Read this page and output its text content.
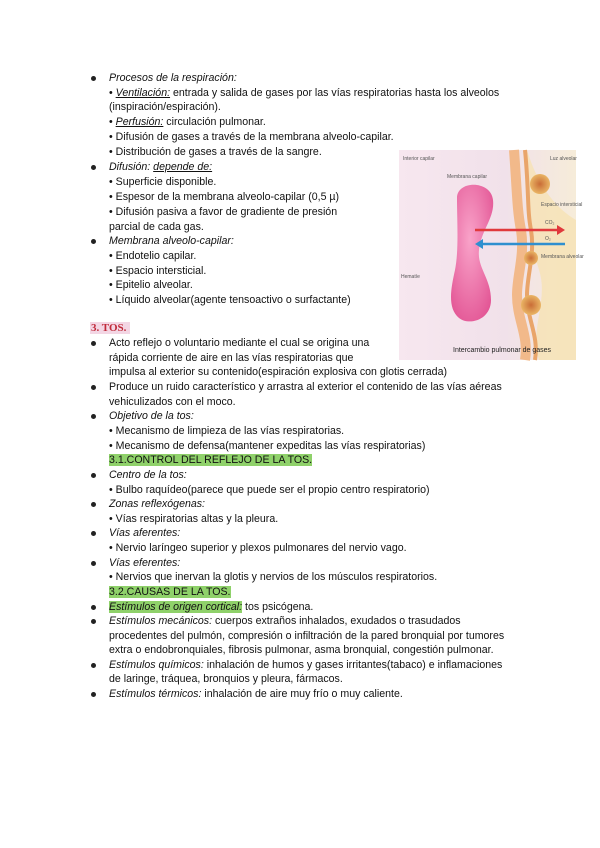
Procesos de la respiración:
• Ventilación: entrada y salida de gases por las vías respiratorias hasta los alveolos
(inspiración/espiración).
• Perfusión: circulación pulmonar.
• Difusión de gases a través de la membrana alveolo-capilar.
• Distribución de gases a través de la sangre.
Difusión: depende de:
• Superficie disponible.
• Espesor de la membrana alveolo-capilar (0,5 µ)
• Difusión pasiva a favor de gradiente de presión
parcial de cada gas.
Membrana alveolo-capilar:
• Endotelio capilar.
• Espacio intersticial.
• Epitelio alveolar.
• Líquido alveolar(agente tensoactivo o surfactante)
3. TOS.
Acto reflejo o voluntario mediante el cual se origina una
rápida corriente de aire en las vías respiratorias que
impulsa al exterior su contenido(espiración explosiva con glotis cerrada)
Produce un ruido característico y arrastra al exterior el contenido de las vías aéreas
vehiculizados con el moco.
Objetivo de la tos:
• Mecanismo de limpieza de las vías respiratorias.
• Mecanismo de defensa(mantener expeditas las vías respiratorias)
3.1.CONTROL DEL REFLEJO DE LA TOS.
Centro de la tos:
• Bulbo raquídeo(parece que puede ser el propio centro respiratorio)
Zonas reflexógenas:
• Vías respiratorias altas y la pleura.
Vías aferentes:
• Nervio laríngeo superior y plexos pulmonares del nervio vago.
Vías eferentes:
• Nervios que inervan la glotis y nervios de los músculos respiratorios.
3.2.CAUSAS DE LA TOS.
Estímulos de origen cortical: tos psicógena.
Estímulos mecánicos: cuerpos extraños inhalados, exudados o trasudados
procedentes del pulmón, compresión o infiltración de la pared bronquial por tumores
extra o endobronquiales, fibrosis pulmonar, asma bronquial, congestión pulmonar.
Estímulos químicos: inhalación de humos y gases irritantes(tabaco) e inflamaciones
de laringe, tráquea, bronquios y pleura, fármacos.
Estímulos térmicos: inhalación de aire muy frío o muy caliente.
Interior capilar	Luz alveolar
Membrana capilar
Espacio intersticial
CO₂
O₂
Membrana alveolar
Hematíe
Intercambio pulmonar de gases
